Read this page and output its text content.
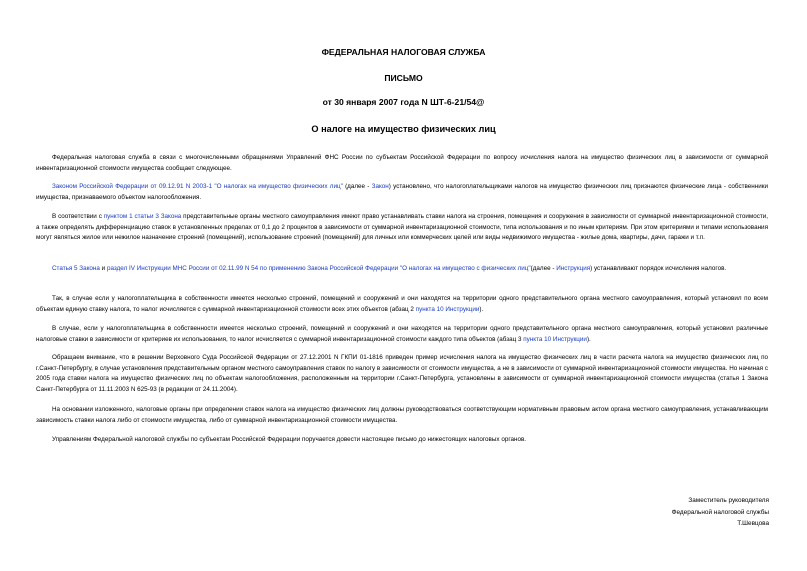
ФЕДЕРАЛЬНАЯ НАЛОГОВАЯ СЛУЖБА
ПИСЬМО
от 30 января 2007 года N ШТ-6-21/54@
О налоге на имущество физических лиц

Федеральная налоговая служба в связи с многочисленными обращениями Управлений ФНС России по субъектам Российской Федерации по вопросу исчисления налога на имущество физических лиц в зависимости от суммарной инвентаризационной стоимости имущества сообщает следующее.

Законом Российской Федерации от 09.12.91 N 2003-1 "О налогах на имущество физических лиц" (далее - Закон) установлено, что налогоплательщиками налогов на имущество физических лиц признаются физические лица - собственники имущества, признаваемого объектом налогообложения.

В соответствии с пунктом 1 статьи 3 Закона представительные органы местного самоуправления имеют право устанавливать ставки налога на строения, помещения и сооружения в зависимости от суммарной инвентаризационной стоимости, а также определять дифференциацию ставок в установленных пределах от 0,1 до 2 процентов в зависимости от суммарной инвентаризационной стоимости, типа использования и по иным критериям. При этом критериями и типами использования могут являться жилое или нежилое назначение строений (помещений), использование строений (помещений) для личных или коммерческих целей или виды недвижимого имущества - жилые дома, квартиры, дачи, гаражи и т.п.

Статья 5 Закона и раздел IV Инструкции МНС России от 02.11.99 N 54 по применению Закона Российской Федерации "О налогах на имущество с физических лиц"(далее - Инструкция) устанавливают порядок исчисления налогов.

Так, в случае если у налогоплательщика в собственности имеется несколько строений, помещений и сооружений и они находятся на территории одного представительного органа местного самоуправления, который установил по всем объектам единую ставку налога, то налог исчисляется с суммарной инвентаризационной стоимости всех этих объектов (абзац 2 пункта 10 Инструкции).

В случае, если у налогоплательщика в собственности имеется несколько строений, помещений и сооружений и они находятся на территории одного представительного органа местного самоуправления, который установил различные налоговые ставки в зависимости от критериев их использования, то налог исчисляется с суммарной инвентаризационной стоимости каждого типа объектов (абзац 3 пункта 10 Инструкции).

Обращаем внимание, что в решении Верховного Суда Российской Федерации от 27.12.2001 N ГКПИ 01-1816 приведен пример исчисления налога на имущество физических лиц в части расчета налога на имущество физических лиц по г.Санкт-Петербургу, в случае установления представительным органом местного самоуправления ставок по налогу в зависимости от стоимости имущества, а не в зависимости от суммарной инвентаризационной стоимости имущества. Но начиная с 2005 года ставки налога на имущество физических лиц по объектам налогообложения, расположенным на территории г.Санкт-Петербурга, установлены в зависимости от суммарной инвентаризационной стоимости имущества (статья 1 Закона Санкт-Петербурга от 11.11.2003 N 625-93 (в редакции от 24.11.2004).

На основании изложенного, налоговые органы при определении ставок налога на имущество физических лиц должны руководствоваться соответствующим нормативным правовым актом органа местного самоуправления, устанавливающим зависимость ставки налога либо от стоимости имущества, либо от суммарной инвентаризационной стоимости имущества.

Управлениям Федеральной налоговой службы по субъектам Российской Федерации поручается довести настоящее письмо до нижестоящих налоговых органов.

Заместитель руководителя
Федеральной налоговой службы
Т.Шевцова
